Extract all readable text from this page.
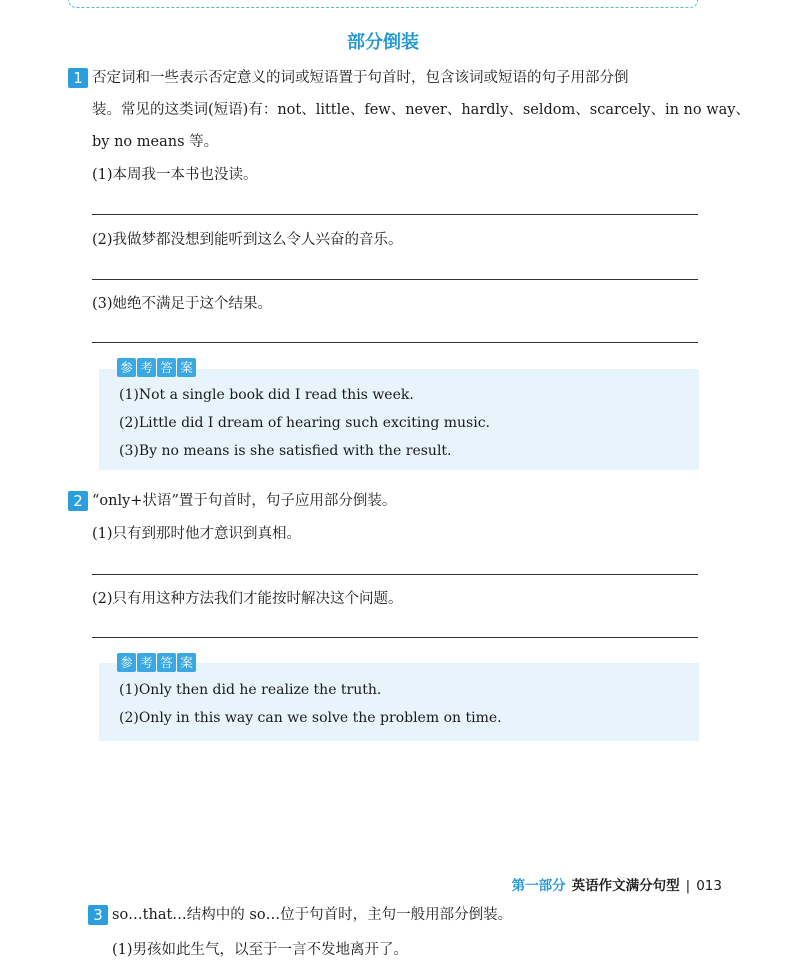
部分倒装
1 否定词和一些表示否定意义的词或短语置于句首时，包含该词或短语的句子用部分倒
装。常见的这类词(短语)有：not、little、few、never、hardly、seldom、scarcely、in no way、
by no means 等。
(1)本周我一本书也没读。
(2)我做梦都没想到能听到这么令人兴奋的音乐。
(3)她绝不满足于这个结果。
参 考 答 案
(1)Not a single book did I read this week.
(2)Little did I dream of hearing such exciting music.
(3)By no means is she satisfied with the result.
2 “only+状语”置于句首时，句子应用部分倒装。
(1)只有到那时他才意识到真相。
(2)只有用这种方法我们才能按时解决这个问题。
参 考 答 案
(1)Only then did he realize the truth.
(2)Only in this way can we solve the problem on time.
第一部分 英语作文满分句型 | 013
3 so…that…结构中的 so…位于句首时，主句一般用部分倒装。
(1)男孩如此生气，以至于一言不发地离开了。
